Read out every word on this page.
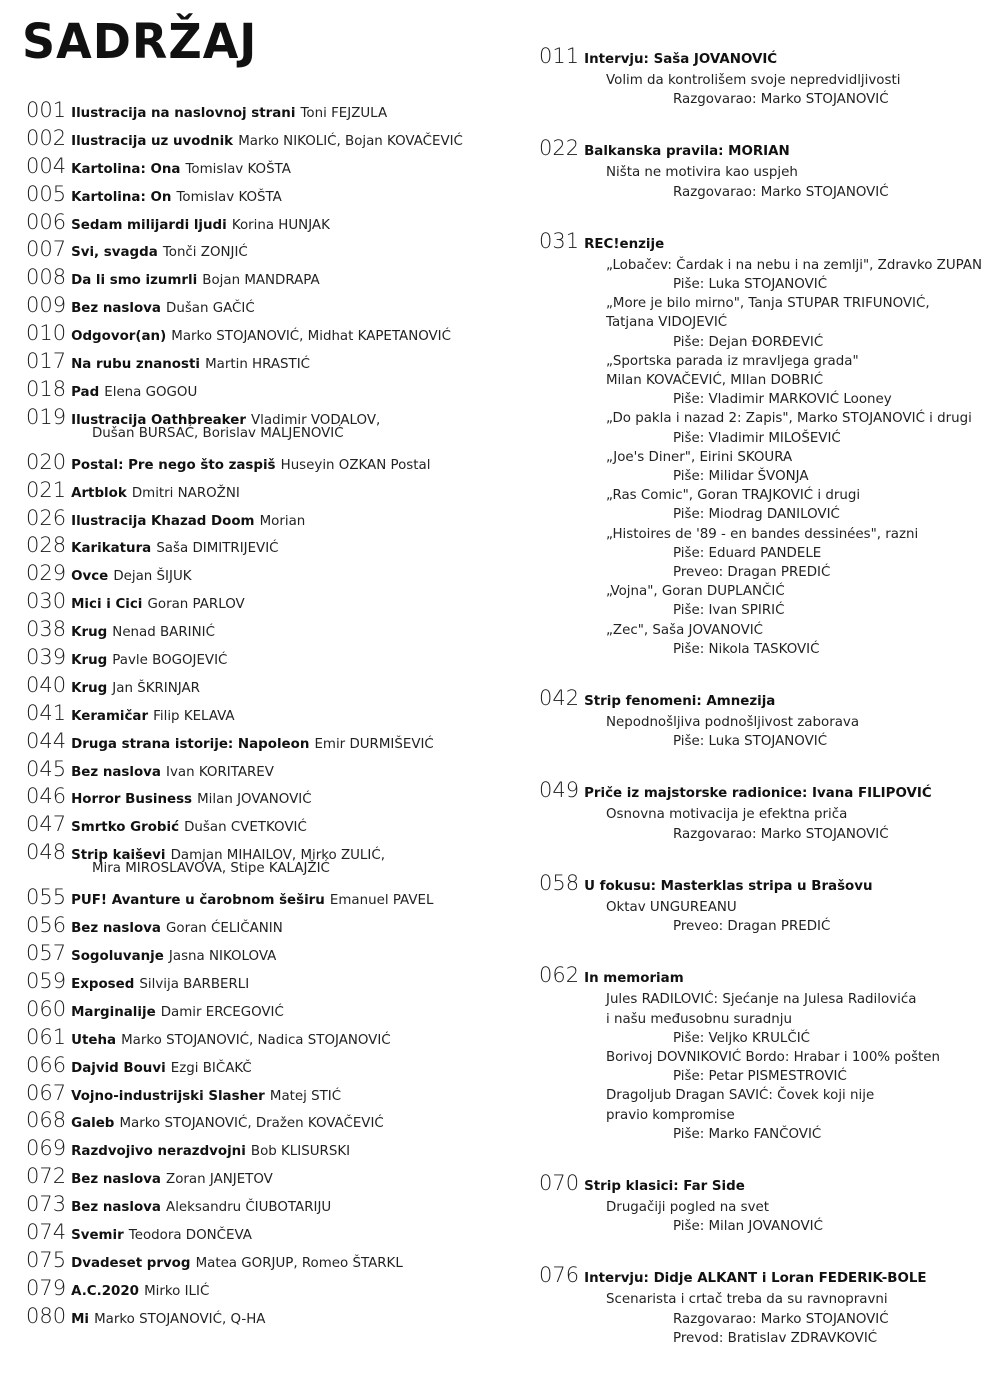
SADRŽAJ
001 Ilustracija na naslovnoj strani Toni FEJZULA
002 Ilustracija uz uvodnik Marko NIKOLIĆ, Bojan KOVAČEVIĆ
004 Kartolina: Ona Tomislav KOŠTA
005 Kartolina: On Tomislav KOŠTA
006 Sedam milijardi ljudi Korina HUNJAK
007 Svi, svagda Tonči ZONJIĆ
008 Da li smo izumrli Bojan MANDRAPA
009 Bez naslova Dušan GAČIĆ
010 Odgovor(an) Marko STOJANOVIĆ, Midhat KAPETANOVIĆ
017 Na rubu znanosti Martin HRASTIĆ
018 Pad Elena GOGOU
019 Ilustracija Oathbreaker Vladimir VODALOV,
Dušan BURSAĆ, Borislav MALJENOVIĆ
020 Postal: Pre nego što zaspiš Huseyin OZKAN Postal
021 Artblok Dmitri NAROŽNI
026 Ilustracija Khazad Doom Morian
028 Karikatura Saša DIMITRIJEVIĆ
029 Ovce Dejan ŠIJUK
030 Mici i Cici Goran PARLOV
038 Krug Nenad BARINIĆ
039 Krug Pavle BOGOJEVIĆ
040 Krug Jan ŠKRINJAR
041 Keramičar Filip KELAVA
044 Druga strana istorije: Napoleon Emir DURMIŠEVIĆ
045 Bez naslova Ivan KORITAREV
046 Horror Business Milan JOVANOVIĆ
047 Smrtko Grobić Dušan CVETKOVIĆ
048 Strip kaiševi Damjan MIHAILOV, Mirko ZULIĆ,
Mira MIROSLAVOVA, Stipe KALAJŽIĆ
055 PUF! Avanture u čarobnom šeširu Emanuel PAVEL
056 Bez naslova Goran ĆELIČANIN
057 Sogoluvanje Jasna NIKOLOVA
059 Exposed Silvija BARBERLI
060 Marginalije Damir ERCEGOVIĆ
061 Uteha Marko STOJANOVIĆ, Nadica STOJANOVIĆ
066 Dajvid Bouvi Ezgi BIČAKČ
067 Vojno-industrijski Slasher Matej STIĆ
068 Galeb Marko STOJANOVIĆ, Dražen KOVAČEVIĆ
069 Razdvojivo nerazdvojni Bob KLISURSKI
072 Bez naslova Zoran JANJETOV
073 Bez naslova Aleksandru ČIUBOTARIJU
074 Svemir Teodora DONČEVA
075 Dvadeset prvog Matea GORJUP, Romeo ŠTARKL
079 A.C.2020 Mirko ILIĆ
080 Mi Marko STOJANOVIĆ, Q-HA
011 Intervju: Saša JOVANOVIĆ
Volim da kontrolišem svoje nepredvidljivosti
Razgovarao: Marko STOJANOVIĆ
022 Balkanska pravila: MORIAN
Ništa ne motivira kao uspjeh
Razgovarao: Marko STOJANOVIĆ
031 REC!enzije
„Lobačev: Čardak i na nebu i na zemlji", Zdravko ZUPAN
Piše: Luka STOJANOVIĆ
„More je bilo mirno", Tanja STUPAR TRIFUNOVIĆ,
Tatjana VIDOJEVIĆ
Piše: Dejan ĐORĐEVIĆ
„Sportska parada iz mravljega grada"
Milan KOVAČEVIĆ, MIlan DOBRIĆ
Piše: Vladimir MARKOVIĆ Looney
„Do pakla i nazad 2: Zapis", Marko STOJANOVIĆ i drugi
Piše: Vladimir MILOŠEVIĆ
„Joe's Diner", Eirini SKOURA
Piše: Milidar ŠVONJA
„Ras Comic", Goran TRAJKOVIĆ i drugi
Piše: Miodrag DANILOVIĆ
„Histoires de '89 - en bandes dessinées", razni
Piše: Eduard PANDELE
Preveo: Dragan PREDIĆ
„Vojna", Goran DUPLANČIĆ
Piše: Ivan SPIRIĆ
„Zec", Saša JOVANOVIĆ
Piše: Nikola TASKOVIĆ
042 Strip fenomeni: Amnezija
Nepodnošljiva podnošljivost zaborava
Piše: Luka STOJANOVIĆ
049 Priče iz majstorske radionice: Ivana FILIPOVIĆ
Osnovna motivacija je efektna priča
Razgovarao: Marko STOJANOVIĆ
058 U fokusu: Masterklas stripa u Brašovu
Oktav UNGUREANU
Preveo: Dragan PREDIĆ
062 In memoriam
Jules RADILOVIĆ: Sjećanje na Julesa Radilovića
i našu međusobnu suradnju
Piše: Veljko KRULČIĆ
Borivoj DOVNIKOVIĆ Bordo: Hrabar i 100% pošten
Piše: Petar PISMESTROVIĆ
Dragoljub Dragan SAVIĆ: Čovek koji nije
pravio kompromise
Piše: Marko FANČOVIĆ
070 Strip klasici: Far Side
Drugačiji pogled na svet
Piše: Milan JOVANOVIĆ
076 Intervju: Didje ALKANT i Loran FEDERIK-BOLE
Scenarista i crtač treba da su ravnopravni
Razgovarao: Marko STOJANOVIĆ
Prevod: Bratislav ZDRAVKOVIĆ
